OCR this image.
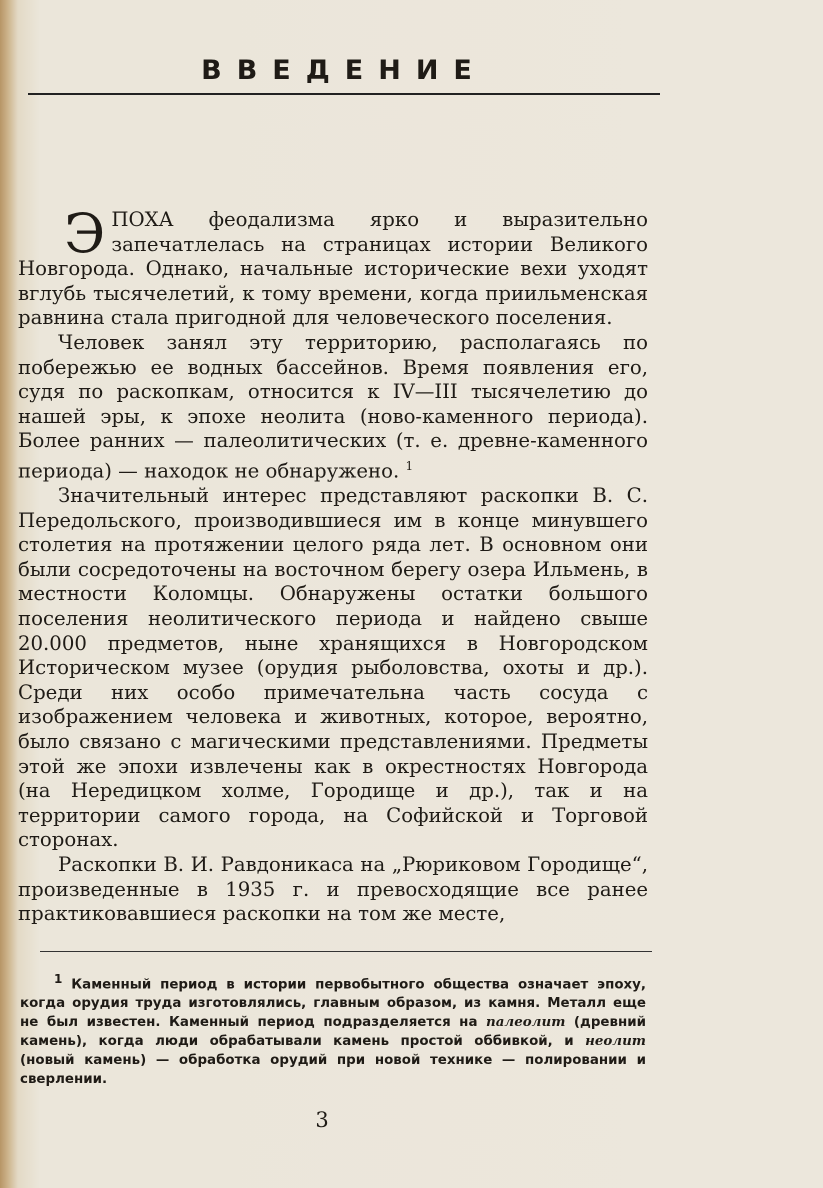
ВВЕДЕНИЕ

ЭПОХА феодализма ярко и выразительно запечатлелась на страницах истории Великого Новгорода. Однако, начальные исторические вехи уходят вглубь тысячелетий, к тому времени, когда приильменская равнина стала пригодной для человеческого поселения.

Человек занял эту территорию, располагаясь по побережью ее водных бассейнов. Время появления его, судя по раскопкам, относится к IV—III тысячелетию до нашей эры, к эпохе неолита (ново-каменного периода). Более ранних — палеолитических (т. е. древне-каменного периода) — находок не обнаружено. $^1$

Значительный интерес представляют раскопки В. С. Передольского, производившиеся им в конце минувшего столетия на протяжении целого ряда лет. В основном они были сосредоточены на восточном берегу озера Ильмень, в местности Коломцы. Обнаружены остатки большого поселения неолитического периода и найдено свыше 20.000 предметов, ныне хранящихся в Новгородском Историческом музее (орудия рыболовства, охоты и др.). Среди них особо примечательна часть сосуда с изображением человека и животных, которое, вероятно, было связано с магическими представлениями. Предметы этой же эпохи извлечены как в окрестностях Новгорода (на Нередицком холме, Городище и др.), так и на территории самого города, на Софийской и Торговой сторонах.

Раскопки В. И. Равдоникаса на „Рюриковом Городище“, произведенные в 1935 г. и превосходящие все ранее практиковавшиеся раскопки на том же месте,

$^1$ Каменный период в истории первобытного общества означает эпоху, когда орудия труда изготовлялись, главным образом, из камня. Металл еще не был известен. Каменный период подразделяется на палеолит (древний камень), когда люди обрабатывали камень простой оббивкой, и неолит (новый камень) — обработка орудий при новой технике — полировании и сверлении.
3
